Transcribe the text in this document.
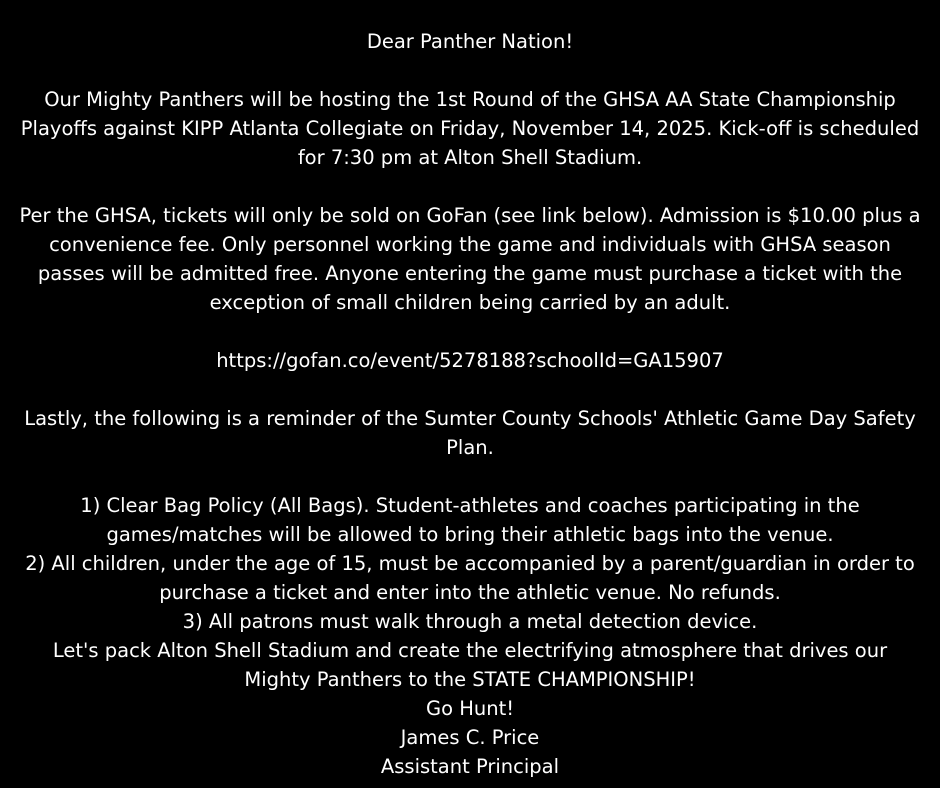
Dear Panther Nation!

Our Mighty Panthers will be hosting the 1st Round of the GHSA AA State Championship
Playoffs against KIPP Atlanta Collegiate on Friday, November 14, 2025. Kick-off is scheduled
for 7:30 pm at Alton Shell Stadium.

Per the GHSA, tickets will only be sold on GoFan (see link below). Admission is $10.00 plus a
convenience fee. Only personnel working the game and individuals with GHSA season
passes will be admitted free. Anyone entering the game must purchase a ticket with the
exception of small children being carried by an adult.

https://gofan.co/event/5278188?schoolId=GA15907

Lastly, the following is a reminder of the Sumter County Schools' Athletic Game Day Safety
Plan.

1) Clear Bag Policy (All Bags). Student-athletes and coaches participating in the
games/matches will be allowed to bring their athletic bags into the venue.
2) All children, under the age of 15, must be accompanied by a parent/guardian in order to
purchase a ticket and enter into the athletic venue. No refunds.
3) All patrons must walk through a metal detection device.
Let's pack Alton Shell Stadium and create the electrifying atmosphere that drives our
Mighty Panthers to the STATE CHAMPIONSHIP!
Go Hunt!
James C. Price
Assistant Principal
